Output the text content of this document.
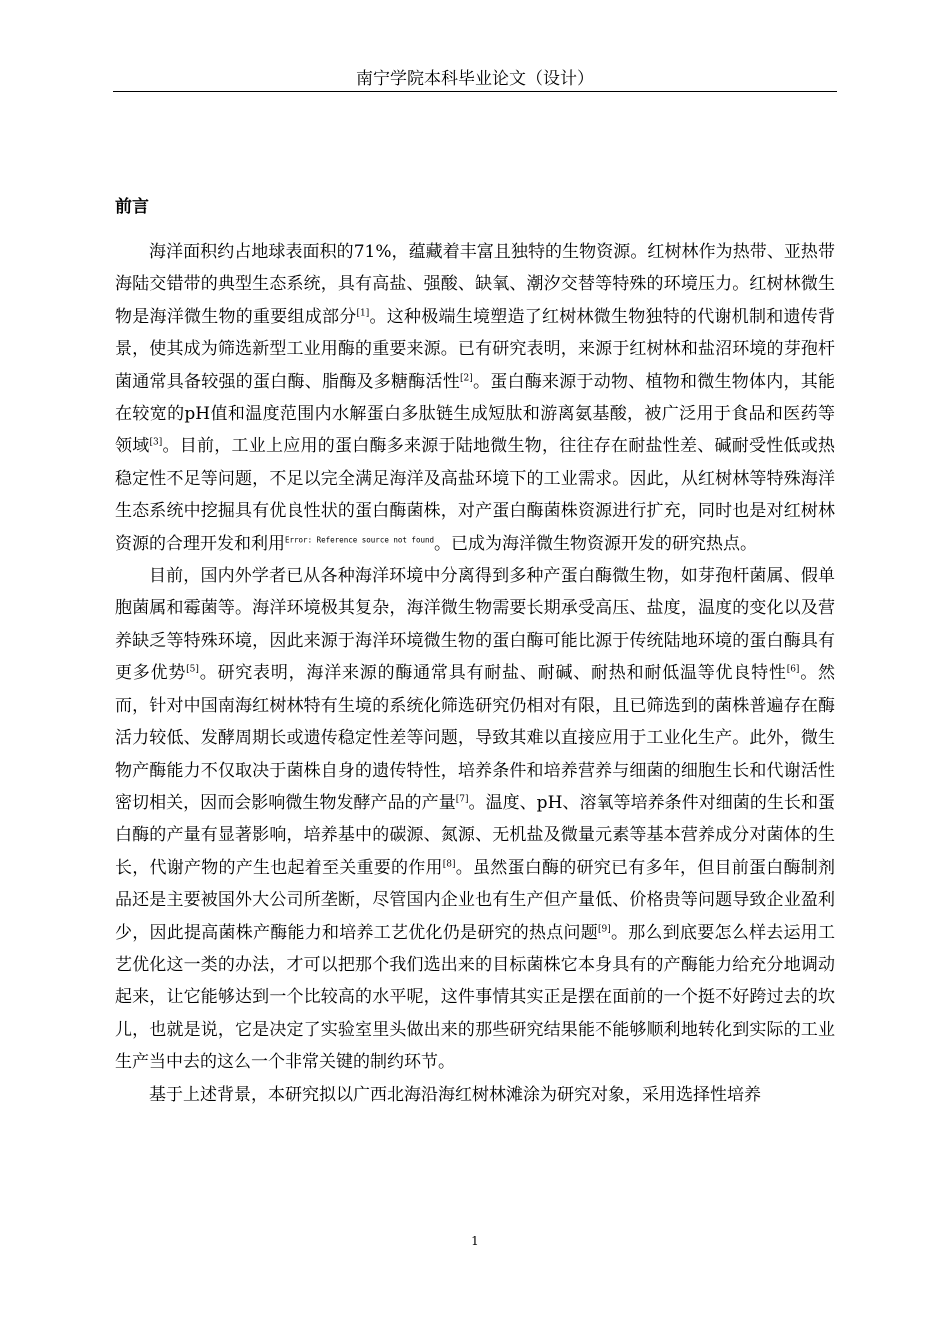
南宁学院本科毕业论文（设计）
前言

海洋面积约占地球表面积的71%，蕴藏着丰富且独特的生物资源。红树林作为热带、亚热带海陆交错带的典型生态系统，具有高盐、强酸、缺氧、潮汐交替等特殊的环境压力。红树林微生物是海洋微生物的重要组成部分[1]。这种极端生境塑造了红树林微生物独特的代谢机制和遗传背景，使其成为筛选新型工业用酶的重要来源。已有研究表明，来源于红树林和盐沼环境的芽孢杆菌通常具备较强的蛋白酶、脂酶及多糖酶活性[2]。蛋白酶来源于动物、植物和微生物体内，其能在较宽的pH值和温度范围内水解蛋白多肽链生成短肽和游离氨基酸，被广泛用于食品和医药等领域[3]。目前，工业上应用的蛋白酶多来源于陆地微生物，往往存在耐盐性差、碱耐受性低或热稳定性不足等问题，不足以完全满足海洋及高盐环境下的工业需求。因此，从红树林等特殊海洋生态系统中挖掘具有优良性状的蛋白酶菌株，对产蛋白酶菌株资源进行扩充，同时也是对红树林资源的合理开发和利用$^{Error: Reference source not found}$。已成为海洋微生物资源开发的研究热点。

目前，国内外学者已从各种海洋环境中分离得到多种产蛋白酶微生物，如芽孢杆菌属、假单胞菌属和霉菌等。海洋环境极其复杂，海洋微生物需要长期承受高压、盐度，温度的变化以及营养缺乏等特殊环境，因此来源于海洋环境微生物的蛋白酶可能比源于传统陆地环境的蛋白酶具有更多优势[5]。研究表明，海洋来源的酶通常具有耐盐、耐碱、耐热和耐低温等优良特性[6]。然而，针对中国南海红树林特有生境的系统化筛选研究仍相对有限，且已筛选到的菌株普遍存在酶活力较低、发酵周期长或遗传稳定性差等问题，导致其难以直接应用于工业化生产。此外，微生物产酶能力不仅取决于菌株自身的遗传特性，培养条件和培养营养与细菌的细胞生长和代谢活性密切相关，因而会影响微生物发酵产品的产量[7]。温度、pH、溶氧等培养条件对细菌的生长和蛋白酶的产量有显著影响，培养基中的碳源、氮源、无机盐及微量元素等基本营养成分对菌体的生长，代谢产物的产生也起着至关重要的作用[8]。虽然蛋白酶的研究已有多年，但目前蛋白酶制剂品还是主要被国外大公司所垄断，尽管国内企业也有生产但产量低、价格贵等问题导致企业盈利少，因此提高菌株产酶能力和培养工艺优化仍是研究的热点问题[9]。那么到底要怎么样去运用工艺优化这一类的办法，才可以把那个我们选出来的目标菌株它本身具有的产酶能力给充分地调动起来，让它能够达到一个比较高的水平呢，这件事情其实正是摆在面前的一个挺不好跨过去的坎儿，也就是说，它是决定了实验室里头做出来的那些研究结果能不能够顺利地转化到实际的工业生产当中去的这么一个非常关键的制约环节。

基于上述背景，本研究拟以广西北海沿海红树林滩涂为研究对象，采用选择性培养

1
